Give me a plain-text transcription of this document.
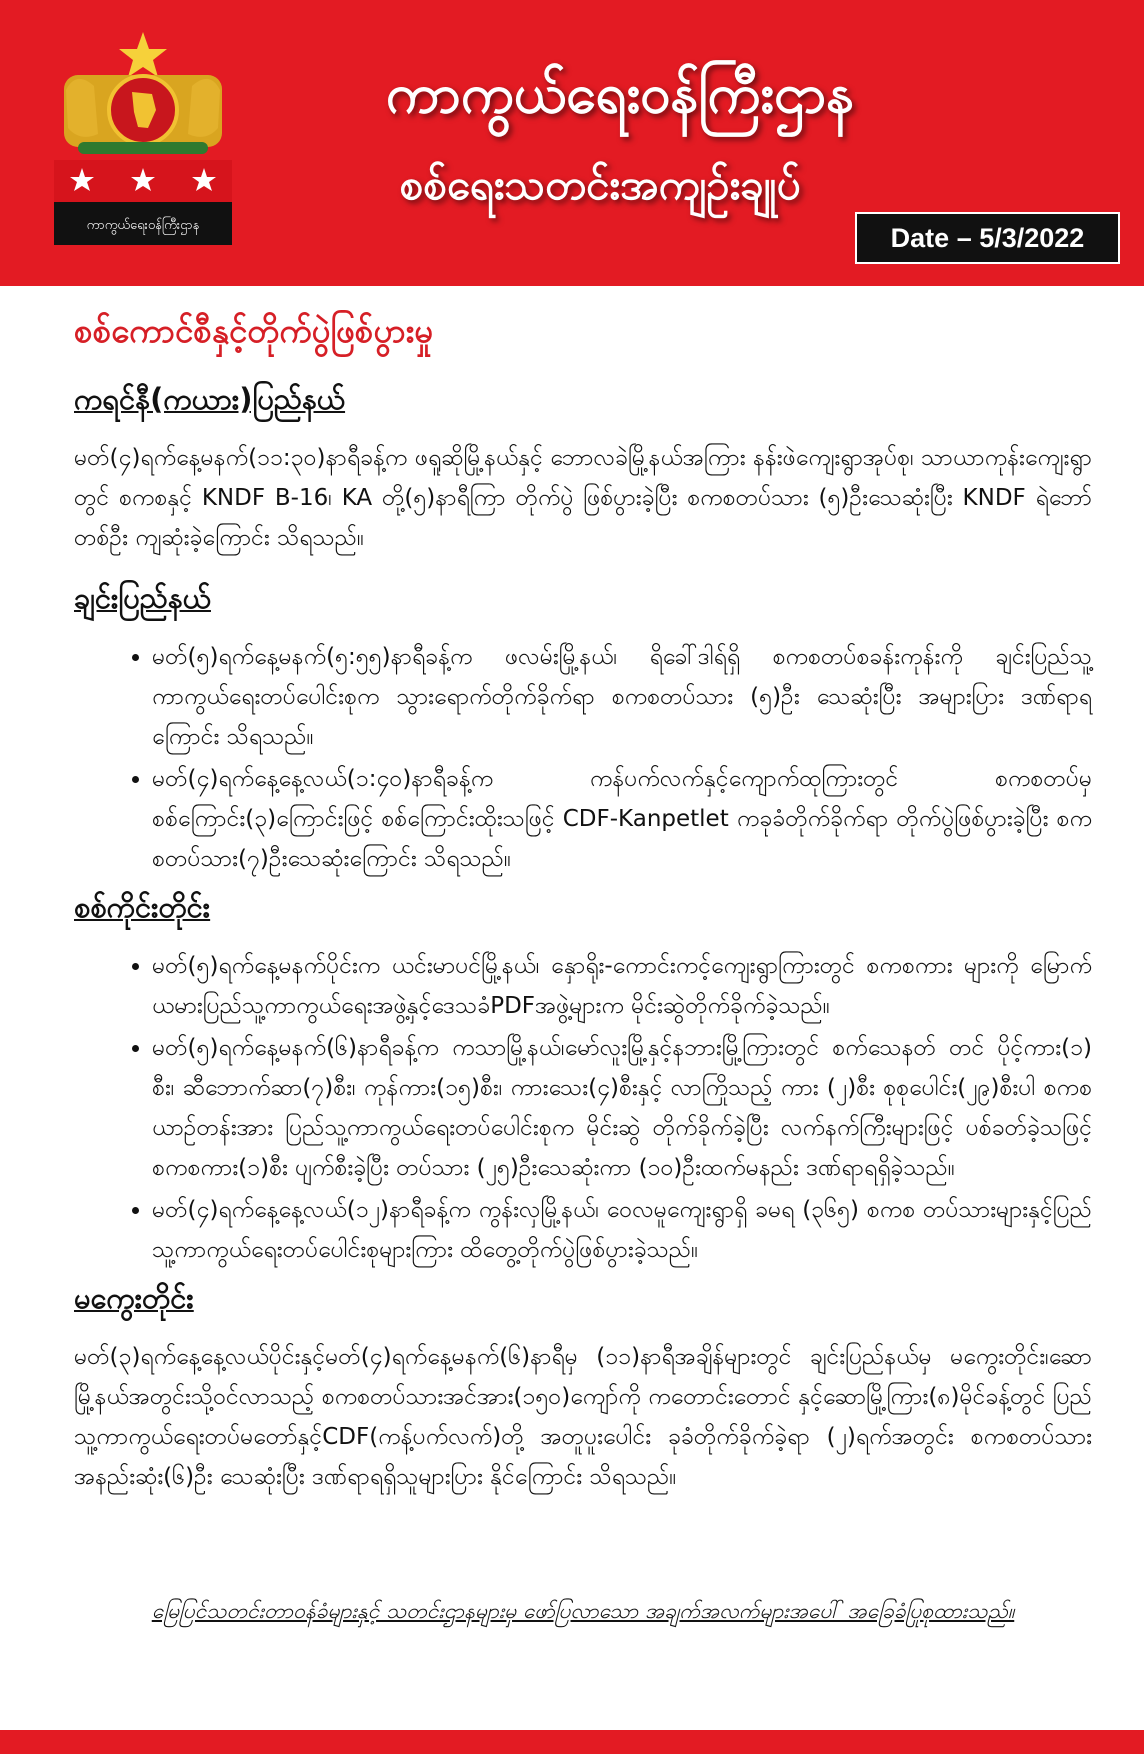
ကာကွယ်ရေးဝန်ကြီးဌာန
ကာကွယ်ရေးဝန်ကြီးဌာန
စစ်ရေးသတင်းအကျဉ်းချုပ်
Date – 5/3/2022
စစ်ကောင်စီနှင့်တိုက်ပွဲဖြစ်ပွားမှု
ကရင်နီ(ကယား)ပြည်နယ်

မတ်(၄)ရက်နေ့မနက်(၁၁:၃၀)နာရီခန့်က ဖရူဆိုမြို့နယ်နှင့် ဘောလခဲမြို့နယ်အကြား နန်းဖဲကျေးရွာအုပ်စု၊ သာယာကုန်းကျေးရွာတွင် စကစနှင့် KNDF B-16၊ KA တို့(၅)နာရီကြာ တိုက်ပွဲ ဖြစ်ပွားခဲ့ပြီး စကစတပ်သား (၅)ဦးသေဆုံးပြီး KNDF ရဲဘော်တစ်ဦး ကျဆုံးခဲ့ကြောင်း သိရသည်။

ချင်းပြည်နယ်
• မတ်(၅)ရက်နေ့မနက်(၅:၅၅)နာရီခန့်က ဖလမ်းမြို့နယ်၊ ရိခေါ်ဒါရ်ရှိ စကစတပ်စခန်းကုန်းကို ချင်းပြည်သူ့ကာကွယ်ရေးတပ်ပေါင်းစုက သွားရောက်တိုက်ခိုက်ရာ စကစတပ်သား (၅)ဦး သေဆုံးပြီး အများပြား ဒဏ်ရာရကြောင်း သိရသည်။
• မတ်(၄)ရက်နေ့နေ့လယ်(၁:၄၀)နာရီခန့်က ကန်ပက်လက်နှင့်ကျောက်ထုကြားတွင် စကစတပ်မှ စစ်ကြောင်း(၃)ကြောင်းဖြင့် စစ်ကြောင်းထိုးသဖြင့် CDF-Kanpetlet ကခုခံတိုက်ခိုက်ရာ တိုက်ပွဲဖြစ်ပွားခဲ့ပြီး စကစတပ်သား(၇)ဦးသေဆုံးကြောင်း သိရသည်။
စစ်ကိုင်းတိုင်း
• မတ်(၅)ရက်နေ့မနက်ပိုင်းက ယင်းမာပင်မြို့နယ်၊ နှောရိုး-ကောင်းကင့်ကျေးရွာကြားတွင် စကစကား များကို မြောက်ယမားပြည်သူ့ကာကွယ်ရေးအဖွဲ့နှင့်ဒေသခံPDFအဖွဲ့များက မိုင်းဆွဲတိုက်ခိုက်ခဲ့သည်။
• မတ်(၅)ရက်နေ့မနက်(၆)နာရီခန့်က ကသာမြို့နယ်၊မော်လူးမြို့နှင့်နဘားမြို့ကြားတွင် စက်သေနတ် တင် ပိုင့်ကား(၁) စီး၊ ဆီဘောက်ဆာ(၇)စီး၊ ကုန်ကား(၁၅)စီး၊ ကားသေး(၄)စီးနှင့် လာကြိုသည့် ကား (၂)စီး စုစုပေါင်း(၂၉)စီးပါ စကစယာဉ်တန်းအား ပြည်သူ့ကာကွယ်ရေးတပ်ပေါင်းစုက မိုင်းဆွဲ တိုက်ခိုက်ခဲ့ပြီး လက်နက်ကြီးများဖြင့် ပစ်ခတ်ခဲ့သဖြင့် စကစကား(၁)စီး ပျက်စီးခဲ့ပြီး တပ်သား (၂၅)ဦးသေဆုံးကာ (၁၀)ဦးထက်မနည်း ဒဏ်ရာရရှိခဲ့သည်။
• မတ်(၄)ရက်နေ့နေ့လယ်(၁၂)နာရီခန့်က ကွန်းလှမြို့နယ်၊ ဝေလမူကျေးရွာရှိ ခမရ (၃၆၅) စကစ တပ်သားများနှင့်ပြည်သူ့ကာကွယ်ရေးတပ်ပေါင်းစုများကြား ထိတွေ့တိုက်ပွဲဖြစ်ပွားခဲ့သည်။
မကွေးတိုင်း

မတ်(၃)ရက်နေ့နေ့လယ်ပိုင်းနှင့်မတ်(၄)ရက်နေ့မနက်(၆)နာရီမှ (၁၁)နာရီအချိန်များတွင် ချင်းပြည်နယ်မှ မကွေးတိုင်း၊ဆောမြို့နယ်အတွင်းသို့ဝင်လာသည့် စကစတပ်သားအင်အား(၁၅၀)ကျော်ကို ကတောင်းတောင် နှင့်ဆောမြို့ကြား(၈)မိုင်ခန့်တွင် ပြည်သူ့ကာကွယ်ရေးတပ်မတော်နှင့်CDF(ကန့်ပက်လက်)တို့ အတူပူးပေါင်း ခုခံတိုက်ခိုက်ခဲ့ရာ (၂)ရက်အတွင်း စကစတပ်သားအနည်းဆုံး(၆)ဦး သေဆုံးပြီး ဒဏ်ရာရရှိသူများပြား နိုင်ကြောင်း သိရသည်။

မြေပြင်သတင်းတာဝန်ခံများနှင့် သတင်းဌာနများမှ ဖော်ပြလာသော အချက်အလက်များအပေါ် အခြေခံပြုစုထားသည်။
